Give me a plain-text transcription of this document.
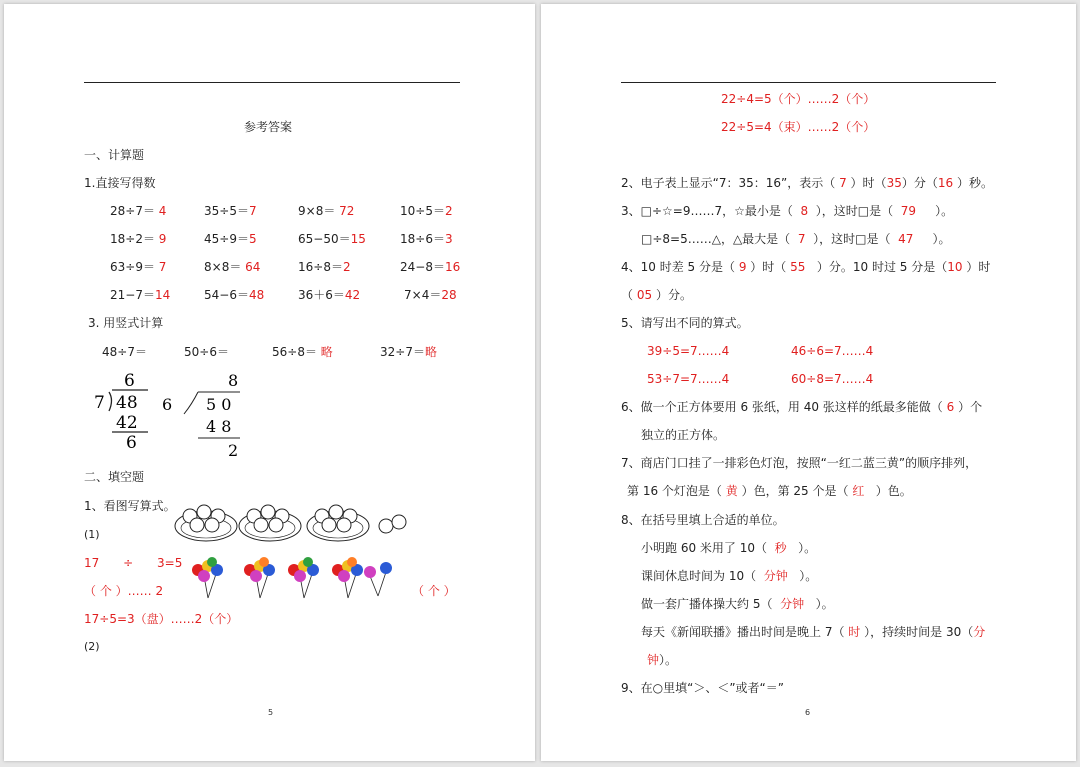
参考答案
一、计算题
1.直接写得数
28÷7＝ 4	35÷5＝7	9×8＝ 72	10÷5＝2
18÷2＝ 9	45÷9＝5	65−50＝15	18÷6＝3
63÷9＝ 7	8×8＝ 64	16÷8＝2	24−8＝16
21−7＝14	54−6＝48	36＋6＝42	7×4＝28
3. 用竖式计算
48÷7＝	50÷6＝	56÷8＝ 略	32÷7＝略
6
7 48
42
6
8
6 5 0
4 8
2
二、填空题
1、看图写算式。
(1)
17 ÷ 3=5
（ 个 ）…… 2	（ 个 ）
17÷5=3（盘）……2（个）
(2)
5
22÷4=5（个）……2（个）
22÷5=4（束）……2（个）
2、电子表上显示“7：35：16”，表示（ 7 ）时（35）分（16 ）秒。
3、□÷☆=9……7，☆最小是（ 8 ），这时□是（ 79 ）。
□÷8=5……△，△最大是（ 7 ），这时□是（ 47 ）。
4、10 时差 5 分是（ 9 ）时（ 55 ）分。10 时过 5 分是（10 ）时
（ 05 ）分。
5、请写出不同的算式。
39÷5=7……4	46÷6=7……4
53÷7=7……4	60÷8=7……4
6、做一个正方体要用 6 张纸，用 40 张这样的纸最多能做（ 6 ）个
独立的正方体。
7、商店门口挂了一排彩色灯泡，按照“一红二蓝三黄”的顺序排列，
第 16 个灯泡是（ 黄 ）色，第 25 个是（ 红 ）色。
8、在括号里填上合适的单位。
小明跑 60 米用了 10（ 秒 ）。
课间休息时间为 10（ 分钟 ）。
做一套广播体操大约 5（ 分钟 ）。
每天《新闻联播》播出时间是晚上 7（ 时 ），持续时间是 30（分
钟）。
9、在○里填“＞、＜”或者“＝”
6
